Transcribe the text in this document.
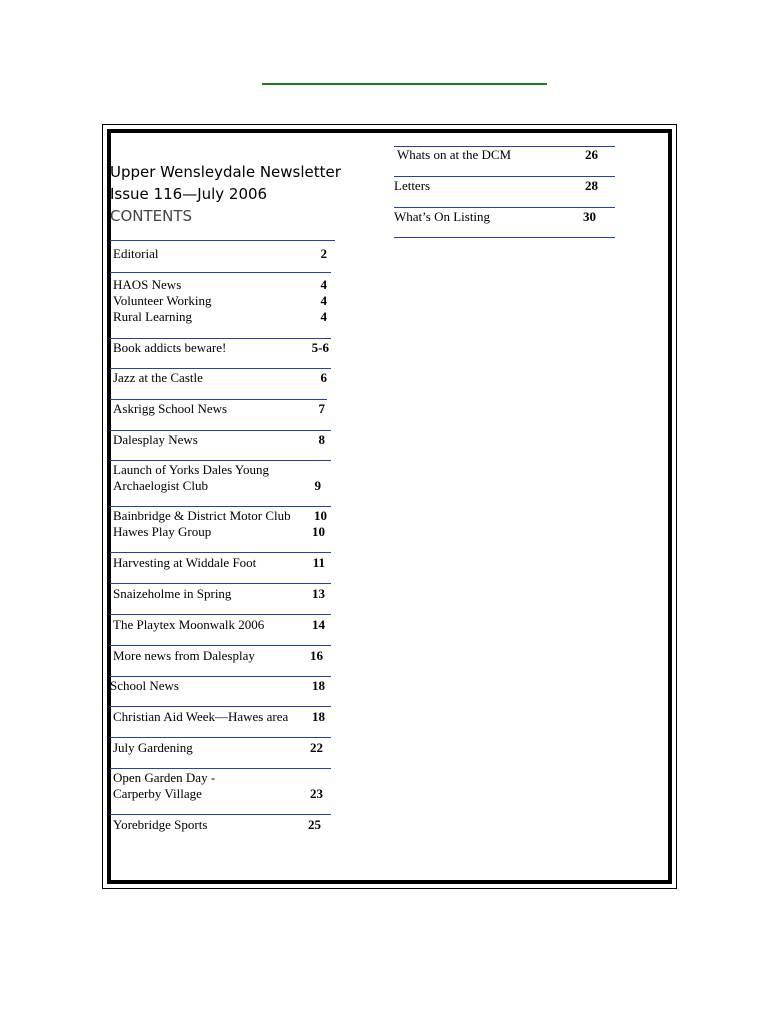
Upper Wensleydale Newsletter
Issue 116—July 2006
CONTENTS
Editorial	2
HAOS News	4
Volunteer Working	4
Rural Learning	4
Book addicts beware!	5-6
Jazz at the Castle	6
Askrigg School News	7
Dalesplay News	8
Launch of Yorks Dales Young
Archaelogist Club	9
Bainbridge & District Motor Club	10
Hawes Play Group	10
Harvesting at Widdale Foot	11
Snaizeholme in Spring	13
The Playtex Moonwalk 2006	14
More news from Dalesplay	16
School News	18
Christian Aid Week—Hawes area	18
July Gardening	22
Open Garden Day -
Carperby Village	23
Yorebridge Sports	25
Whats on at the DCM	26
Letters	28
What’s On Listing	30
